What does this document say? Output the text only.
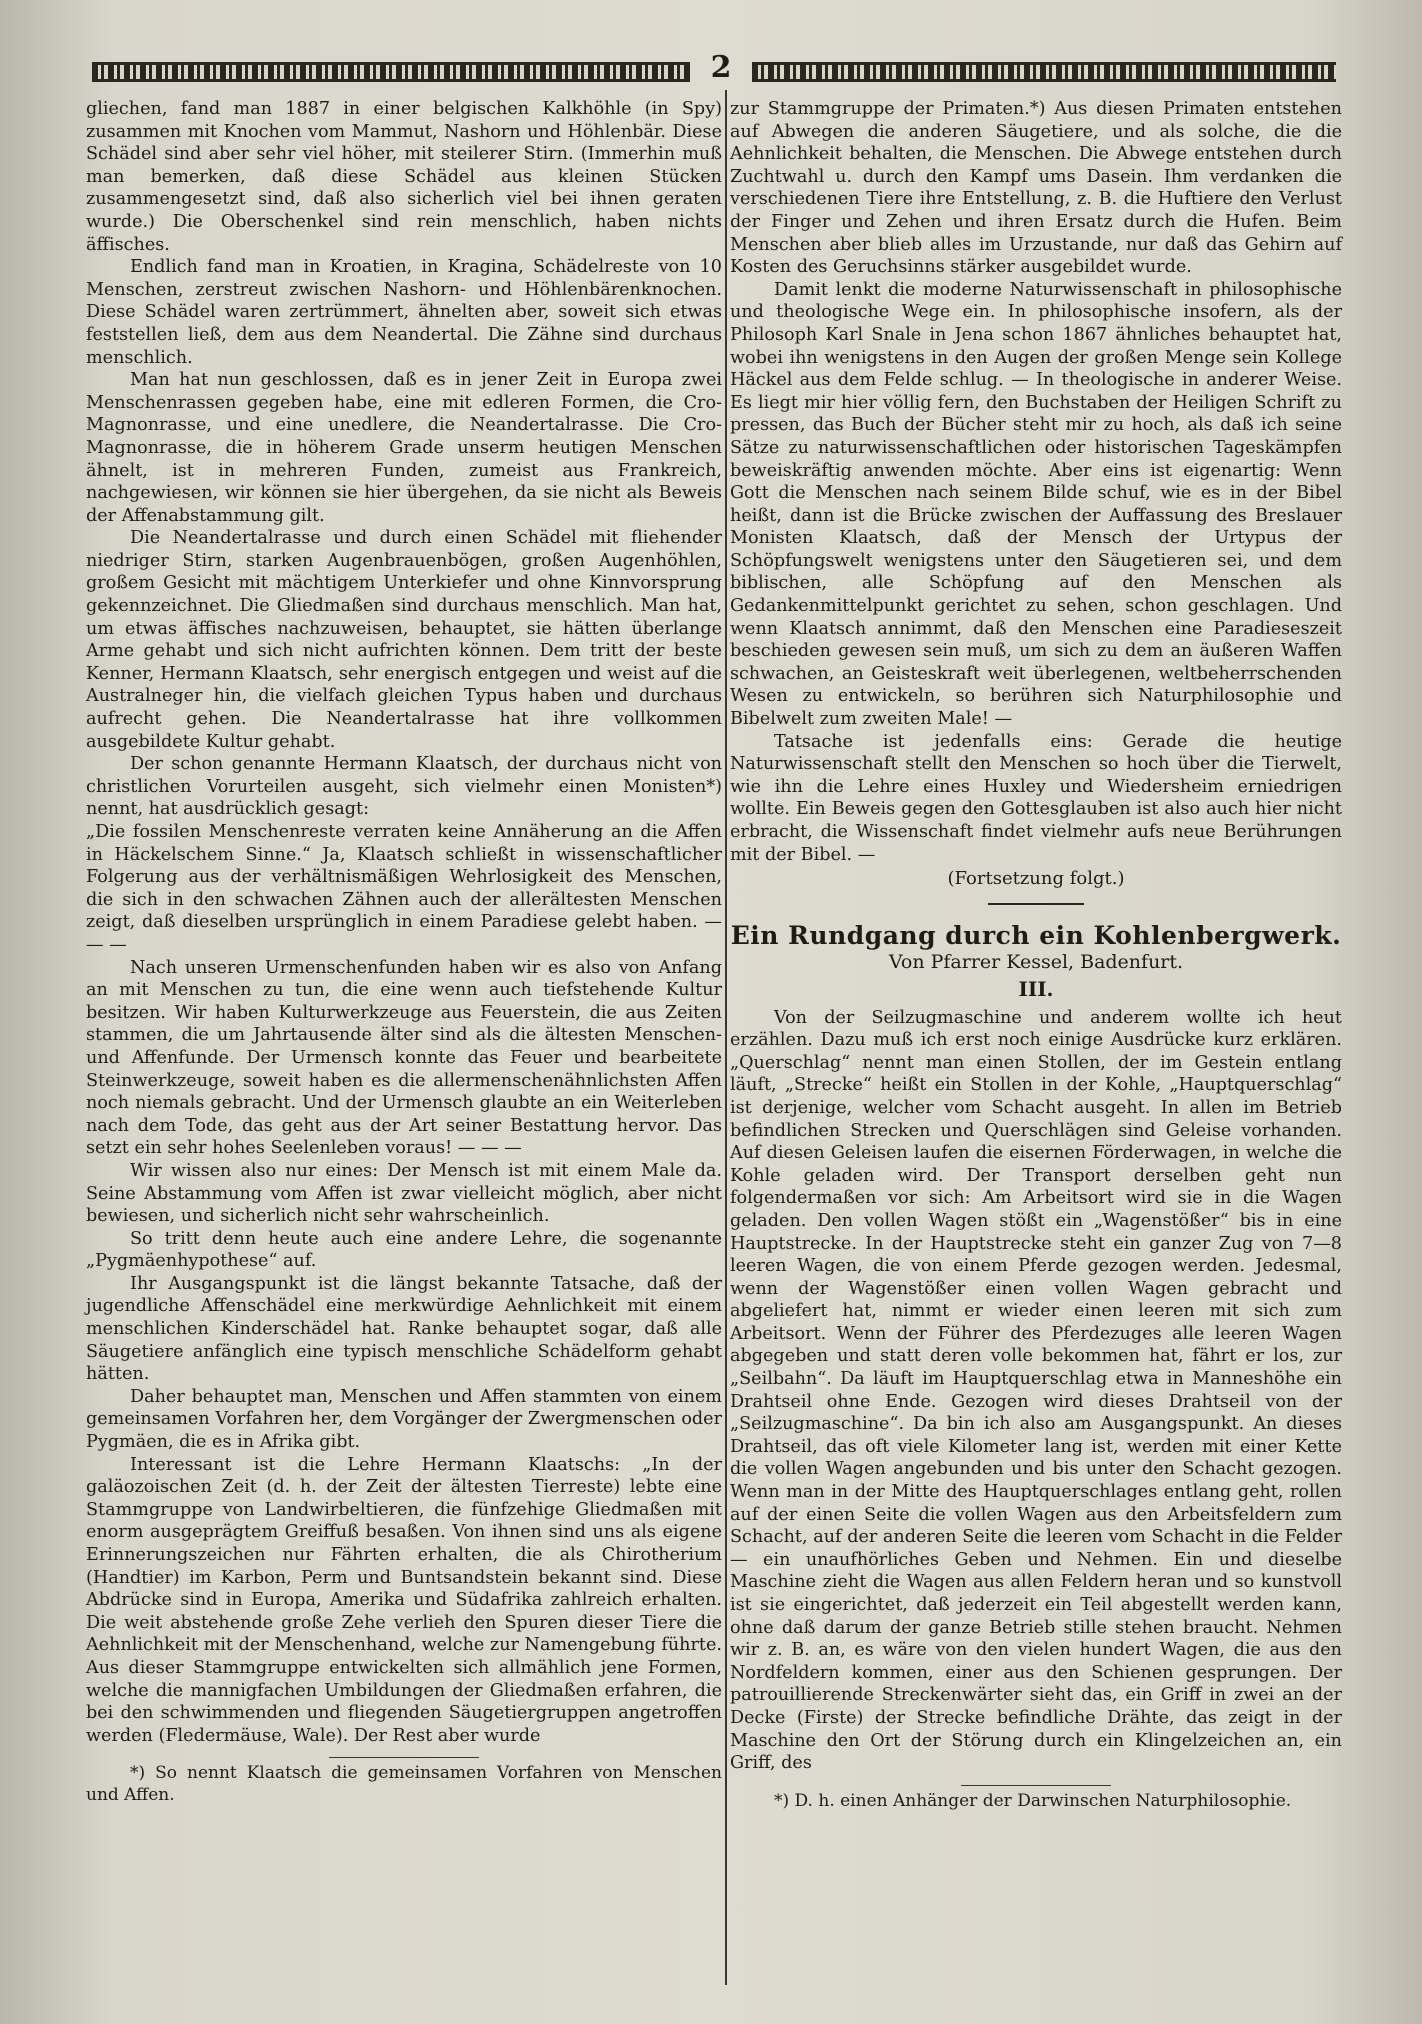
2

gliechen, fand man 1887 in einer belgischen Kalkhöhle (in Spy) zusammen mit Knochen vom Mammut, Nashorn und Höhlenbär. Diese Schädel sind aber sehr viel höher, mit steilerer Stirn. (Immerhin muß man bemerken, daß diese Schädel aus kleinen Stücken zusammengesetzt sind, daß also sicherlich viel bei ihnen geraten wurde.) Die Oberschenkel sind rein menschlich, haben nichts äffisches.

Endlich fand man in Kroatien, in Kragina, Schädelreste von 10 Menschen, zerstreut zwischen Nashorn- und Höhlenbärenknochen. Diese Schädel waren zertrümmert, ähnelten aber, soweit sich etwas feststellen ließ, dem aus dem Neandertal. Die Zähne sind durchaus menschlich.

Man hat nun geschlossen, daß es in jener Zeit in Europa zwei Menschenrassen gegeben habe, eine mit edleren Formen, die Cro-Magnonrasse, und eine unedlere, die Neandertalrasse. Die Cro-Magnonrasse, die in höherem Grade unserm heutigen Menschen ähnelt, ist in mehreren Funden, zumeist aus Frankreich, nachgewiesen, wir können sie hier übergehen, da sie nicht als Beweis der Affenabstammung gilt.

Die Neandertalrasse und durch einen Schädel mit fliehender niedriger Stirn, starken Augenbrauenbögen, großen Augenhöhlen, großem Gesicht mit mächtigem Unterkiefer und ohne Kinnvorsprung gekennzeichnet. Die Gliedmaßen sind durchaus menschlich. Man hat, um etwas äffisches nachzuweisen, behauptet, sie hätten überlange Arme gehabt und sich nicht aufrichten können. Dem tritt der beste Kenner, Hermann Klaatsch, sehr energisch entgegen und weist auf die Australneger hin, die vielfach gleichen Typus haben und durchaus aufrecht gehen. Die Neandertalrasse hat ihre vollkommen ausgebildete Kultur gehabt.

Der schon genannte Hermann Klaatsch, der durchaus nicht von christlichen Vorurteilen ausgeht, sich vielmehr einen Monisten*) nennt, hat ausdrücklich gesagt:

„Die fossilen Menschenreste verraten keine Annäherung an die Affen in Häckelschem Sinne.“ Ja, Klaatsch schließt in wissenschaftlicher Folgerung aus der verhältnismäßigen Wehrlosigkeit des Menschen, die sich in den schwachen Zähnen auch der allerältesten Menschen zeigt, daß dieselben ursprünglich in einem Paradiese gelebt haben. — — —

Nach unseren Urmenschenfunden haben wir es also von Anfang an mit Menschen zu tun, die eine wenn auch tiefstehende Kultur besitzen. Wir haben Kulturwerkzeuge aus Feuerstein, die aus Zeiten stammen, die um Jahrtausende älter sind als die ältesten Menschen- und Affenfunde. Der Urmensch konnte das Feuer und bearbeitete Steinwerkzeuge, soweit haben es die allermenschenähnlichsten Affen noch niemals gebracht. Und der Urmensch glaubte an ein Weiterleben nach dem Tode, das geht aus der Art seiner Bestattung hervor. Das setzt ein sehr hohes Seelenleben voraus! — — —

Wir wissen also nur eines: Der Mensch ist mit einem Male da. Seine Abstammung vom Affen ist zwar vielleicht möglich, aber nicht bewiesen, und sicherlich nicht sehr wahrscheinlich.

So tritt denn heute auch eine andere Lehre, die sogenannte „Pygmäenhypothese“ auf.

Ihr Ausgangspunkt ist die längst bekannte Tatsache, daß der jugendliche Affenschädel eine merkwürdige Aehnlichkeit mit einem menschlichen Kinderschädel hat. Ranke behauptet sogar, daß alle Säugetiere anfänglich eine typisch menschliche Schädelform gehabt hätten.

Daher behauptet man, Menschen und Affen stammten von einem gemeinsamen Vorfahren her, dem Vorgänger der Zwergmenschen oder Pygmäen, die es in Afrika gibt.

Interessant ist die Lehre Hermann Klaatschs: „In der galäozoischen Zeit (d. h. der Zeit der ältesten Tierreste) lebte eine Stammgruppe von Landwirbeltieren, die fünfzehige Gliedmaßen mit enorm ausgeprägtem Greiffuß besaßen. Von ihnen sind uns als eigene Erinnerungszeichen nur Fährten erhalten, die als Chirotherium (Handtier) im Karbon, Perm und Buntsandstein bekannt sind. Diese Abdrücke sind in Europa, Amerika und Südafrika zahlreich erhalten. Die weit abstehende große Zehe verlieh den Spuren dieser Tiere die Aehnlichkeit mit der Menschenhand, welche zur Namengebung führte. Aus dieser Stammgruppe entwickelten sich allmählich jene Formen, welche die mannigfachen Umbildungen der Gliedmaßen erfahren, die bei den schwimmenden und fliegenden Säugetiergruppen angetroffen werden (Fledermäuse, Wale). Der Rest aber wurde

*) So nennt Klaatsch die gemeinsamen Vorfahren von Menschen und Affen.

zur Stammgruppe der Primaten.*) Aus diesen Primaten entstehen auf Abwegen die anderen Säugetiere, und als solche, die die Aehnlichkeit behalten, die Menschen. Die Abwege entstehen durch Zuchtwahl u. durch den Kampf ums Dasein. Ihm verdanken die verschiedenen Tiere ihre Entstellung, z. B. die Huftiere den Verlust der Finger und Zehen und ihren Ersatz durch die Hufen. Beim Menschen aber blieb alles im Urzustande, nur daß das Gehirn auf Kosten des Geruchsinns stärker ausgebildet wurde.

Damit lenkt die moderne Naturwissenschaft in philosophische und theologische Wege ein. In philosophische insofern, als der Philosoph Karl Snale in Jena schon 1867 ähnliches behauptet hat, wobei ihn wenigstens in den Augen der großen Menge sein Kollege Häckel aus dem Felde schlug. — In theologische in anderer Weise. Es liegt mir hier völlig fern, den Buchstaben der Heiligen Schrift zu pressen, das Buch der Bücher steht mir zu hoch, als daß ich seine Sätze zu naturwissenschaftlichen oder historischen Tageskämpfen beweiskräftig anwenden möchte. Aber eins ist eigenartig: Wenn Gott die Menschen nach seinem Bilde schuf, wie es in der Bibel heißt, dann ist die Brücke zwischen der Auffassung des Breslauer Monisten Klaatsch, daß der Mensch der Urtypus der Schöpfungswelt wenigstens unter den Säugetieren sei, und dem biblischen, alle Schöpfung auf den Menschen als Gedankenmittelpunkt gerichtet zu sehen, schon geschlagen. Und wenn Klaatsch annimmt, daß den Menschen eine Paradieseszeit beschieden gewesen sein muß, um sich zu dem an äußeren Waffen schwachen, an Geisteskraft weit überlegenen, weltbeherrschenden Wesen zu entwickeln, so berühren sich Naturphilosophie und Bibelwelt zum zweiten Male! —

Tatsache ist jedenfalls eins: Gerade die heutige Naturwissenschaft stellt den Menschen so hoch über die Tierwelt, wie ihn die Lehre eines Huxley und Wiedersheim erniedrigen wollte. Ein Beweis gegen den Gottesglauben ist also auch hier nicht erbracht, die Wissenschaft findet vielmehr aufs neue Berührungen mit der Bibel. —

(Fortsetzung folgt.)
Ein Rundgang durch ein Kohlenbergwerk.
Von Pfarrer Kessel, Badenfurt.
III.

Von der Seilzugmaschine und anderem wollte ich heut erzählen. Dazu muß ich erst noch einige Ausdrücke kurz erklären. „Querschlag“ nennt man einen Stollen, der im Gestein entlang läuft, „Strecke“ heißt ein Stollen in der Kohle, „Hauptquerschlag“ ist derjenige, welcher vom Schacht ausgeht. In allen im Betrieb befindlichen Strecken und Querschlägen sind Geleise vorhanden. Auf diesen Geleisen laufen die eisernen Förderwagen, in welche die Kohle geladen wird. Der Transport derselben geht nun folgendermaßen vor sich: Am Arbeitsort wird sie in die Wagen geladen. Den vollen Wagen stößt ein „Wagenstößer“ bis in eine Hauptstrecke. In der Hauptstrecke steht ein ganzer Zug von 7—8 leeren Wagen, die von einem Pferde gezogen werden. Jedesmal, wenn der Wagenstößer einen vollen Wagen gebracht und abgeliefert hat, nimmt er wieder einen leeren mit sich zum Arbeitsort. Wenn der Führer des Pferdezuges alle leeren Wagen abgegeben und statt deren volle bekommen hat, fährt er los, zur „Seilbahn“. Da läuft im Hauptquerschlag etwa in Manneshöhe ein Drahtseil ohne Ende. Gezogen wird dieses Drahtseil von der „Seilzugmaschine“. Da bin ich also am Ausgangspunkt. An dieses Drahtseil, das oft viele Kilometer lang ist, werden mit einer Kette die vollen Wagen angebunden und bis unter den Schacht gezogen. Wenn man in der Mitte des Hauptquerschlages entlang geht, rollen auf der einen Seite die vollen Wagen aus den Arbeitsfeldern zum Schacht, auf der anderen Seite die leeren vom Schacht in die Felder — ein unaufhörliches Geben und Nehmen. Ein und dieselbe Maschine zieht die Wagen aus allen Feldern heran und so kunstvoll ist sie eingerichtet, daß jederzeit ein Teil abgestellt werden kann, ohne daß darum der ganze Betrieb stille stehen braucht. Nehmen wir z. B. an, es wäre von den vielen hundert Wagen, die aus den Nordfeldern kommen, einer aus den Schienen gesprungen. Der patrouillierende Streckenwärter sieht das, ein Griff in zwei an der Decke (Firste) der Strecke befindliche Drähte, das zeigt in der Maschine den Ort der Störung durch ein Klingelzeichen an, ein Griff, des

*) D. h. einen Anhänger der Darwinschen Naturphilosophie.
